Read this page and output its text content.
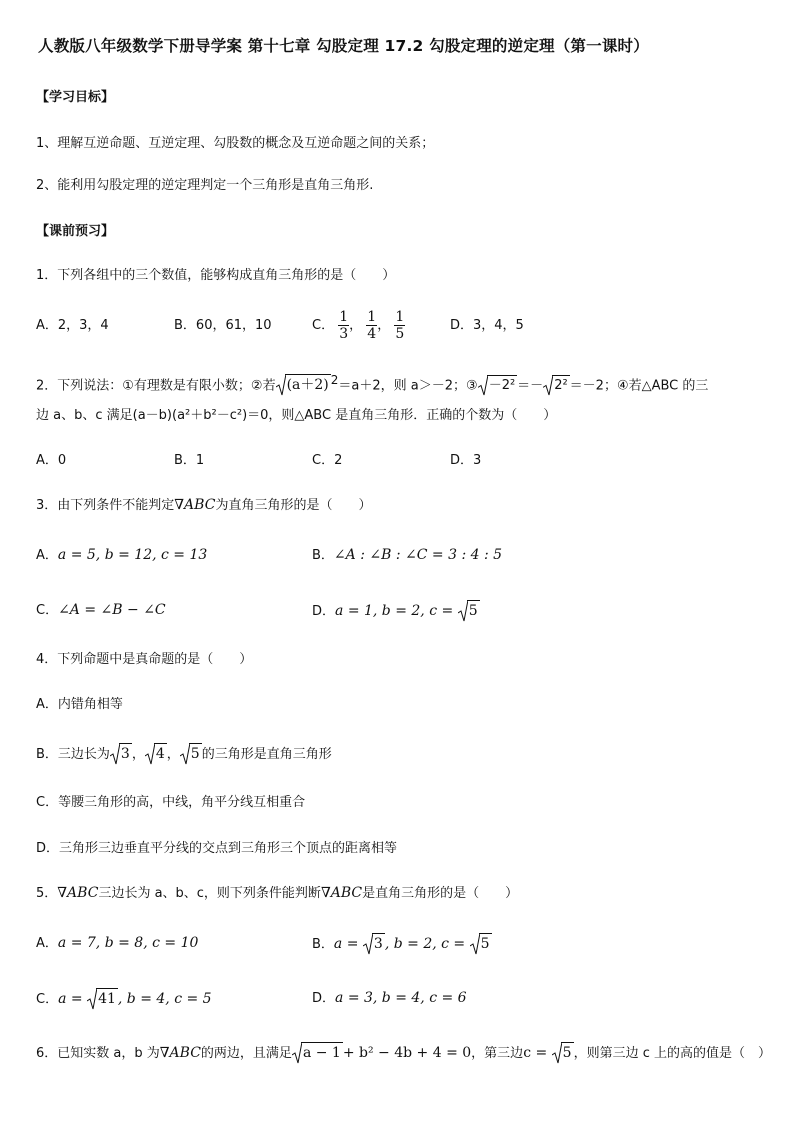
人教版八年级数学下册导学案 第十七章 勾股定理 17.2 勾股定理的逆定理（第一课时）
【学习目标】
1、理解互逆命题、互逆定理、勾股数的概念及互逆命题之间的关系；
2、能利用勾股定理的逆定理判定一个三角形是直角三角形.
【课前预习】
1．下列各组中的三个数值，能够构成直角三角形的是（　　）
A．2，3，4	B．60，61，10	C． $\frac{1}{3}$ ， $\frac{1}{4}$ ， $\frac{1}{5}$	D．3，4，5
2．下列说法：①有理数是有限小数；②若 (a＋2) $^2$＝a＋2，则 a＞－2；③ －2² ＝－ 2² ＝－2；④若△ABC 的三
边 a、b、c 满足(a－b)(a²＋b²－c²)＝0，则△ABC 是直角三角形．正确的个数为（　　）
A．0	B．1	C．2	D．3
3．由下列条件不能判定∇ABC为直角三角形的是（　　）
A．a = 5, b = 12, c = 13	B．∠A : ∠B : ∠C = 3 : 4 : 5
C．∠A = ∠B − ∠C	D．a = 1, b = 2, c =
5
4．下列命题中是真命题的是（　　）
A．内错角相等
B．三边长为 3 ， 4 ， 5 的三角形是直角三角形
C．等腰三角形的高，中线，角平分线互相重合
D．三角形三边垂直平分线的交点到三角形三个顶点的距离相等
5．∇ABC三边长为 a、b、c，则下列条件能判断∇ABC是直角三角形的是（　　）
A．a = 7, b = 8, c = 10	B．a =
3 , b = 2, c =
5
C．a =
41 , b = 4, c = 5	D．a = 3, b = 4, c = 6
6．已知实数 a，b 为∇ABC的两边，且满足 a − 1 + b² − 4b + 4 = 0，第三边c =
5 ，则第三边 c 上的高的值是（　）
